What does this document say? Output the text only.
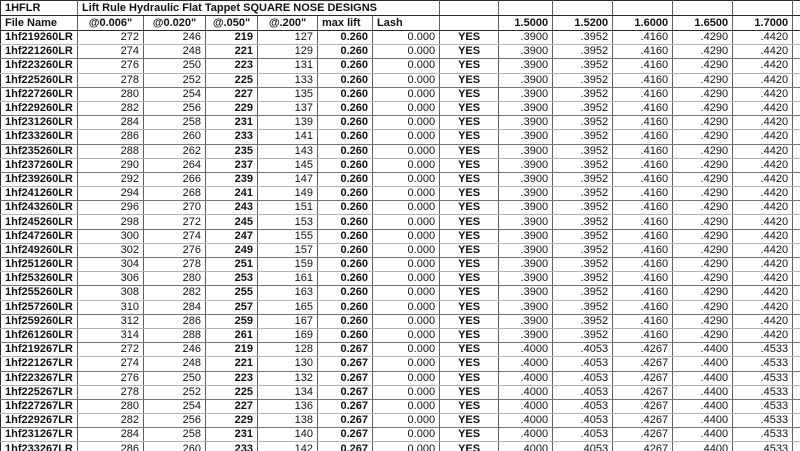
1HFLR	Lift Rule Hydraulic Flat Tappet SQUARE NOSE DESIGNS												
File Name	@0.006"	@0.020"	@.050"	@.200"	max lift	Lash		1.5000	1.5200	1.6000	1.6500	1.7000	
1hf219260LR	272	246	219	127	0.260	0.000	YES	.3900	.3952	.4160	.4290	.4420	
1hf221260LR	274	248	221	129	0.260	0.000	YES	.3900	.3952	.4160	.4290	.4420	
1hf223260LR	276	250	223	131	0.260	0.000	YES	.3900	.3952	.4160	.4290	.4420	
1hf225260LR	278	252	225	133	0.260	0.000	YES	.3900	.3952	.4160	.4290	.4420	
1hf227260LR	280	254	227	135	0.260	0.000	YES	.3900	.3952	.4160	.4290	.4420	
1hf229260LR	282	256	229	137	0.260	0.000	YES	.3900	.3952	.4160	.4290	.4420	
1hf231260LR	284	258	231	139	0.260	0.000	YES	.3900	.3952	.4160	.4290	.4420	
1hf233260LR	286	260	233	141	0.260	0.000	YES	.3900	.3952	.4160	.4290	.4420	
1hf235260LR	288	262	235	143	0.260	0.000	YES	.3900	.3952	.4160	.4290	.4420	
1hf237260LR	290	264	237	145	0.260	0.000	YES	.3900	.3952	.4160	.4290	.4420	
1hf239260LR	292	266	239	147	0.260	0.000	YES	.3900	.3952	.4160	.4290	.4420	
1hf241260LR	294	268	241	149	0.260	0.000	YES	.3900	.3952	.4160	.4290	.4420	
1hf243260LR	296	270	243	151	0.260	0.000	YES	.3900	.3952	.4160	.4290	.4420	
1hf245260LR	298	272	245	153	0.260	0.000	YES	.3900	.3952	.4160	.4290	.4420	
1hf247260LR	300	274	247	155	0.260	0.000	YES	.3900	.3952	.4160	.4290	.4420	
1hf249260LR	302	276	249	157	0.260	0.000	YES	.3900	.3952	.4160	.4290	.4420	
1hf251260LR	304	278	251	159	0.260	0.000	YES	.3900	.3952	.4160	.4290	.4420	
1hf253260LR	306	280	253	161	0.260	0.000	YES	.3900	.3952	.4160	.4290	.4420	
1hf255260LR	308	282	255	163	0.260	0.000	YES	.3900	.3952	.4160	.4290	.4420	
1hf257260LR	310	284	257	165	0.260	0.000	YES	.3900	.3952	.4160	.4290	.4420	
1hf259260LR	312	286	259	167	0.260	0.000	YES	.3900	.3952	.4160	.4290	.4420	
1hf261260LR	314	288	261	169	0.260	0.000	YES	.3900	.3952	.4160	.4290	.4420	
1hf219267LR	272	246	219	128	0.267	0.000	YES	.4000	.4053	.4267	.4400	.4533	
1hf221267LR	274	248	221	130	0.267	0.000	YES	.4000	.4053	.4267	.4400	.4533	
1hf223267LR	276	250	223	132	0.267	0.000	YES	.4000	.4053	.4267	.4400	.4533	
1hf225267LR	278	252	225	134	0.267	0.000	YES	.4000	.4053	.4267	.4400	.4533	
1hf227267LR	280	254	227	136	0.267	0.000	YES	.4000	.4053	.4267	.4400	.4533	
1hf229267LR	282	256	229	138	0.267	0.000	YES	.4000	.4053	.4267	.4400	.4533	
1hf231267LR	284	258	231	140	0.267	0.000	YES	.4000	.4053	.4267	.4400	.4533	
1hf233267LR	286	260	233	142	0.267	0.000	YES	.4000	.4053	.4267	.4400	.4533	
